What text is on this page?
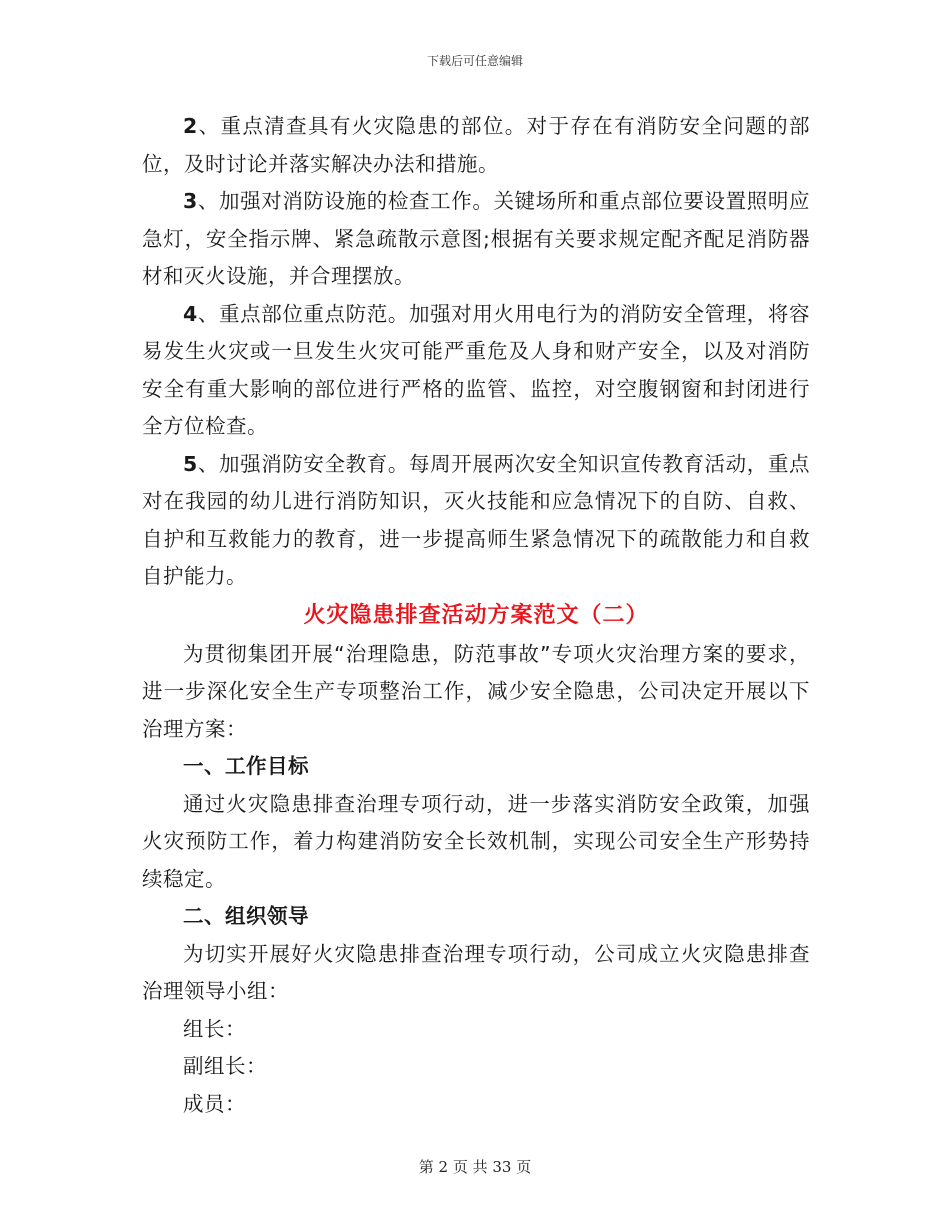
下载后可任意编辑

2、重点清查具有火灾隐患的部位。对于存在有消防安全问题的部位，及时讨论并落实解决办法和措施。

3、加强对消防设施的检查工作。关键场所和重点部位要设置照明应急灯，安全指示牌、紧急疏散示意图;根据有关要求规定配齐配足消防器材和灭火设施，并合理摆放。

4、重点部位重点防范。加强对用火用电行为的消防安全管理，将容易发生火灾或一旦发生火灾可能严重危及人身和财产安全，以及对消防安全有重大影响的部位进行严格的监管、监控，对空腹钢窗和封闭进行全方位检查。

5、加强消防安全教育。每周开展两次安全知识宣传教育活动，重点对在我园的幼儿进行消防知识，灭火技能和应急情况下的自防、自救、自护和互救能力的教育，进一步提高师生紧急情况下的疏散能力和自救自护能力。

火灾隐患排查活动方案范文（二）

为贯彻集团开展“治理隐患，防范事故”专项火灾治理方案的要求，进一步深化安全生产专项整治工作，减少安全隐患，公司决定开展以下治理方案：

一、工作目标

通过火灾隐患排查治理专项行动，进一步落实消防安全政策，加强火灾预防工作，着力构建消防安全长效机制，实现公司安全生产形势持续稳定。

二、组织领导

为切实开展好火灾隐患排查治理专项行动，公司成立火灾隐患排查治理领导小组：

组长：

副组长：

成员：

第 2 页 共 33 页
